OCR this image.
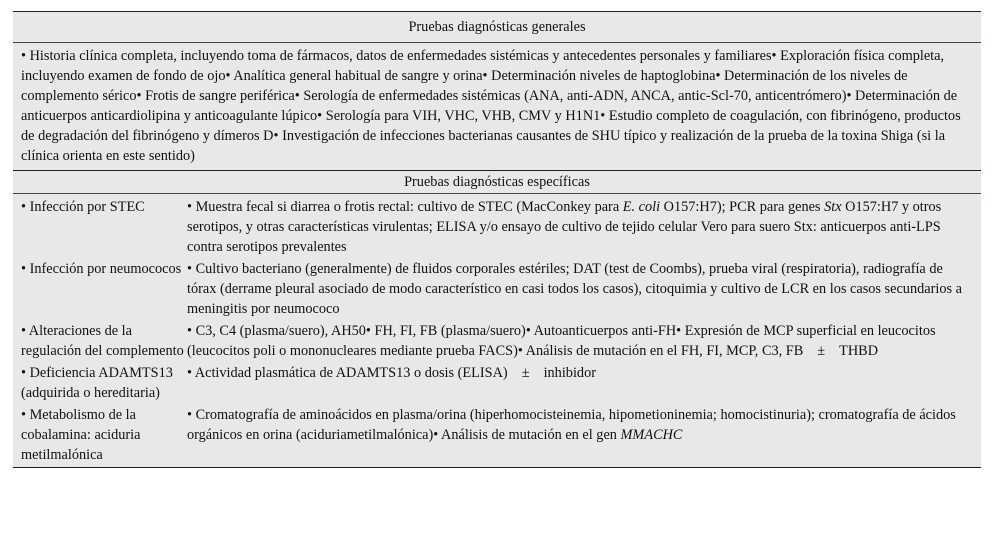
Pruebas diagnósticas generales
• Historia clínica completa, incluyendo toma de fármacos, datos de enfermedades sistémicas y antecedentes personales y familiares• Exploración física completa, incluyendo examen de fondo de ojo• Analítica general habitual de sangre y orina• Determinación niveles de haptoglobina• Determinación de los niveles de complemento sérico• Frotis de sangre periférica• Serología de enfermedades sistémicas (ANA, anti-ADN, ANCA, antic-Scl-70, anticentrómero)• Determinación de anticuerpos anticardiolipina y anticoagulante lúpico• Serología para VIH, VHC, VHB, CMV y H1N1• Estudio completo de coagulación, con fibrinógeno, productos de degradación del fibrinógeno y dímeros D• Investigación de infecciones bacterianas causantes de SHU típico y realización de la prueba de la toxina Shiga (si la clínica orienta en este sentido)
Pruebas diagnósticas específicas
• Infección por STEC	• Muestra fecal si diarrea o frotis rectal: cultivo de STEC (MacConkey para E. coli O157:H7); PCR para genes Stx O157:H7 y otros serotipos, y otras características virulentas; ELISA y/o ensayo de cultivo de tejido celular Vero para suero Stx: anticuerpos anti-LPS contra serotipos prevalentes
• Infección por neumococos • Cultivo bacteriano (generalmente) de fluidos corporales estériles; DAT (test de Coombs), prueba viral (respiratoria), radiografía de tórax (derrame pleural asociado de modo característico en casi todos los casos), citoquimia y cultivo de LCR en los casos secundarios a meningitis por neumococo
• Alteraciones de la regulación del complemento
• C3, C4 (plasma/suero), AH50• FH, FI, FB (plasma/suero)• Autoanticuerpos anti-FH• Expresión de MCP superficial en leucocitos (leucocitos poli o mononucleares mediante prueba FACS)• Análisis de mutación en el FH, FI, MCP, C3, FB ± THBD
• Deficiencia ADAMTS13 (adquirida o hereditaria)
• Actividad plasmática de ADAMTS13 o dosis (ELISA) ± inhibidor
• Metabolismo de la cobalamina: aciduria metilmalónica
• Cromatografía de aminoácidos en plasma/orina (hiperhomocisteinemia, hipometioninemia; homocistinuria); cromatografía de ácidos orgánicos en orina (aciduriametilmalónica)• Análisis de mutación en el gen MMACHC
